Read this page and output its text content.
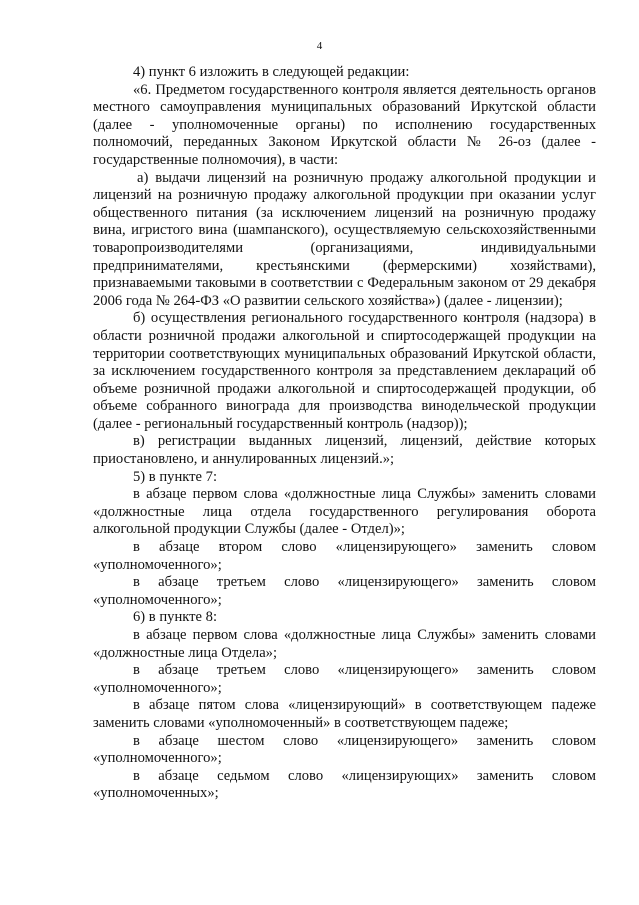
4

4) пункт 6 изложить в следующей редакции:

«6. Предметом государственного контроля является деятельность органов местного самоуправления муниципальных образований Иркутской области (далее - уполномоченные органы) по исполнению государственных полномочий, переданных Законом Иркутской области № 26-оз (далее - государственные полномочия), в части:

а) выдачи лицензий на розничную продажу алкогольной продукции и лицензий на розничную продажу алкогольной продукции при оказании услуг общественного питания (за исключением лицензий на розничную продажу вина, игристого вина (шампанского), осуществляемую сельскохозяйственными товаропроизводителями (организациями, индивидуальными предпринимателями, крестьянскими (фермерскими) хозяйствами), признаваемыми таковыми в соответствии с Федеральным законом от 29 декабря 2006 года № 264-ФЗ «О развитии сельского хозяйства») (далее - лицензии);

б) осуществления регионального государственного контроля (надзора) в области розничной продажи алкогольной и спиртосодержащей продукции на территории соответствующих муниципальных образований Иркутской области, за исключением государственного контроля за представлением деклараций об объеме розничной продажи алкогольной и спиртосодержащей продукции, об объеме собранного винограда для производства винодельческой продукции (далее - региональный государственный контроль (надзор));

в) регистрации выданных лицензий, лицензий, действие которых приостановлено, и аннулированных лицензий.»;

5) в пункте 7:

в абзаце первом слова «должностные лица Службы» заменить словами «должностные лица отдела государственного регулирования оборота алкогольной продукции Службы (далее - Отдел)»;

в абзаце втором слово «лицензирующего» заменить словом «уполномоченного»;

в абзаце третьем слово «лицензирующего» заменить словом «уполномоченного»;

6) в пункте 8:

в абзаце первом слова «должностные лица Службы» заменить словами «должностные лица Отдела»;

в абзаце третьем слово «лицензирующего» заменить словом «уполномоченного»;

в абзаце пятом слова «лицензирующий» в соответствующем падеже заменить словами «уполномоченный» в соответствующем падеже;

в абзаце шестом слово «лицензирующего» заменить словом «уполномоченного»;

в абзаце седьмом слово «лицензирующих» заменить словом «уполномоченных»;
